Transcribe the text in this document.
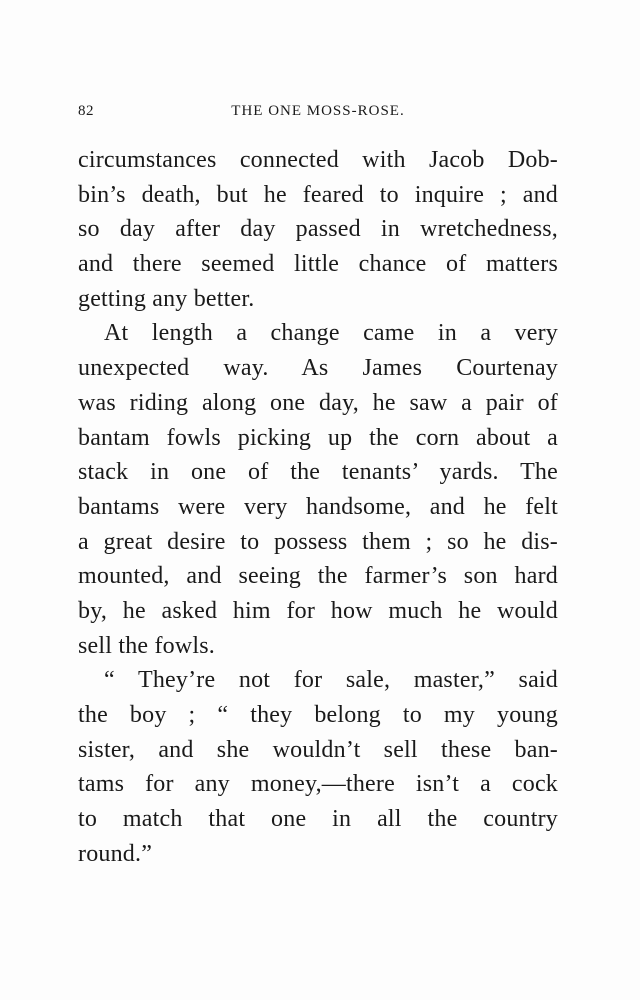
82	THE ONE MOSS-ROSE.
circumstances connected with Jacob Dob-
bin’s death, but he feared to inquire ; and
so day after day passed in wretchedness,
and there seemed little chance of matters
getting any better.
At length a change came in a very
unexpected way. As James Courtenay
was riding along one day, he saw a pair of
bantam fowls picking up the corn about a
stack in one of the tenants’ yards. The
bantams were very handsome, and he felt
a great desire to possess them ; so he dis-
mounted, and seeing the farmer’s son hard
by, he asked him for how much he would
sell the fowls.
“ They’re not for sale, master,” said
the boy ; “ they belong to my young
sister, and she wouldn’t sell these ban-
tams for any money,—there isn’t a cock
to match that one in all the country
round.”
